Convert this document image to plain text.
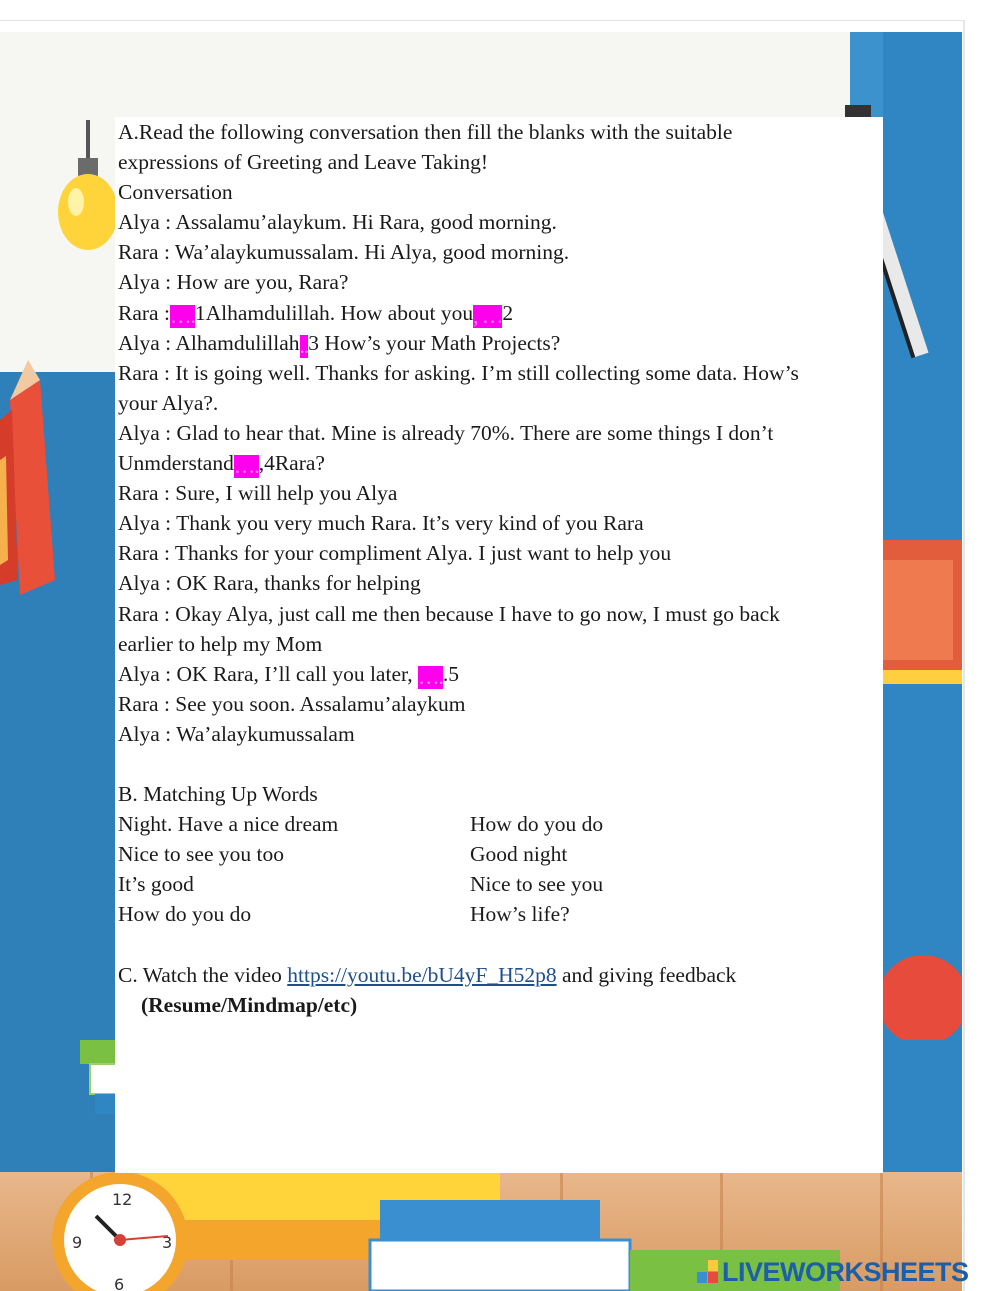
12
3
9
6

A.Read the following conversation then fill the blanks with the suitable

expressions of Greeting and Leave Taking!

Conversation

Alya : Assalamu’alaykum. Hi Rara, good morning.

Rara : Wa’alaykumussalam. Hi Alya, good morning.

Alya : How are you, Rara?

Rara :….1Alhamdulillah. How about you, …2

Alya : Alhamdulillah..3 How’s your Math Projects?

Rara : It is going well. Thanks for asking. I’m still collecting some data. How’s

your Alya?.

Alya : Glad to hear that. Mine is already 70%. There are some things I don’t

Unmderstand….,4Rara?

Rara : Sure, I will help you Alya

Alya : Thank you very much Rara. It’s very kind of you Rara

Rara : Thanks for your compliment Alya. I just want to help you

Alya : OK Rara, thanks for helping

Rara : Okay Alya, just call me then because I have to go now, I must go back

earlier to help my Mom

Alya : OK Rara, I’ll call you later, …..5

Rara : See you soon. Assalamu’alaykum

Alya : Wa’alaykumussalam

B. Matching Up Words

Night. Have a nice dream	How do you do
Nice to see you too	Good night
It’s good	Nice to see you
How do you do	How’s life?

C. Watch the video https://youtu.be/bU4yF_H52p8 and giving feedback

(Resume/Mindmap/etc)

LIVEWORKSHEETS
